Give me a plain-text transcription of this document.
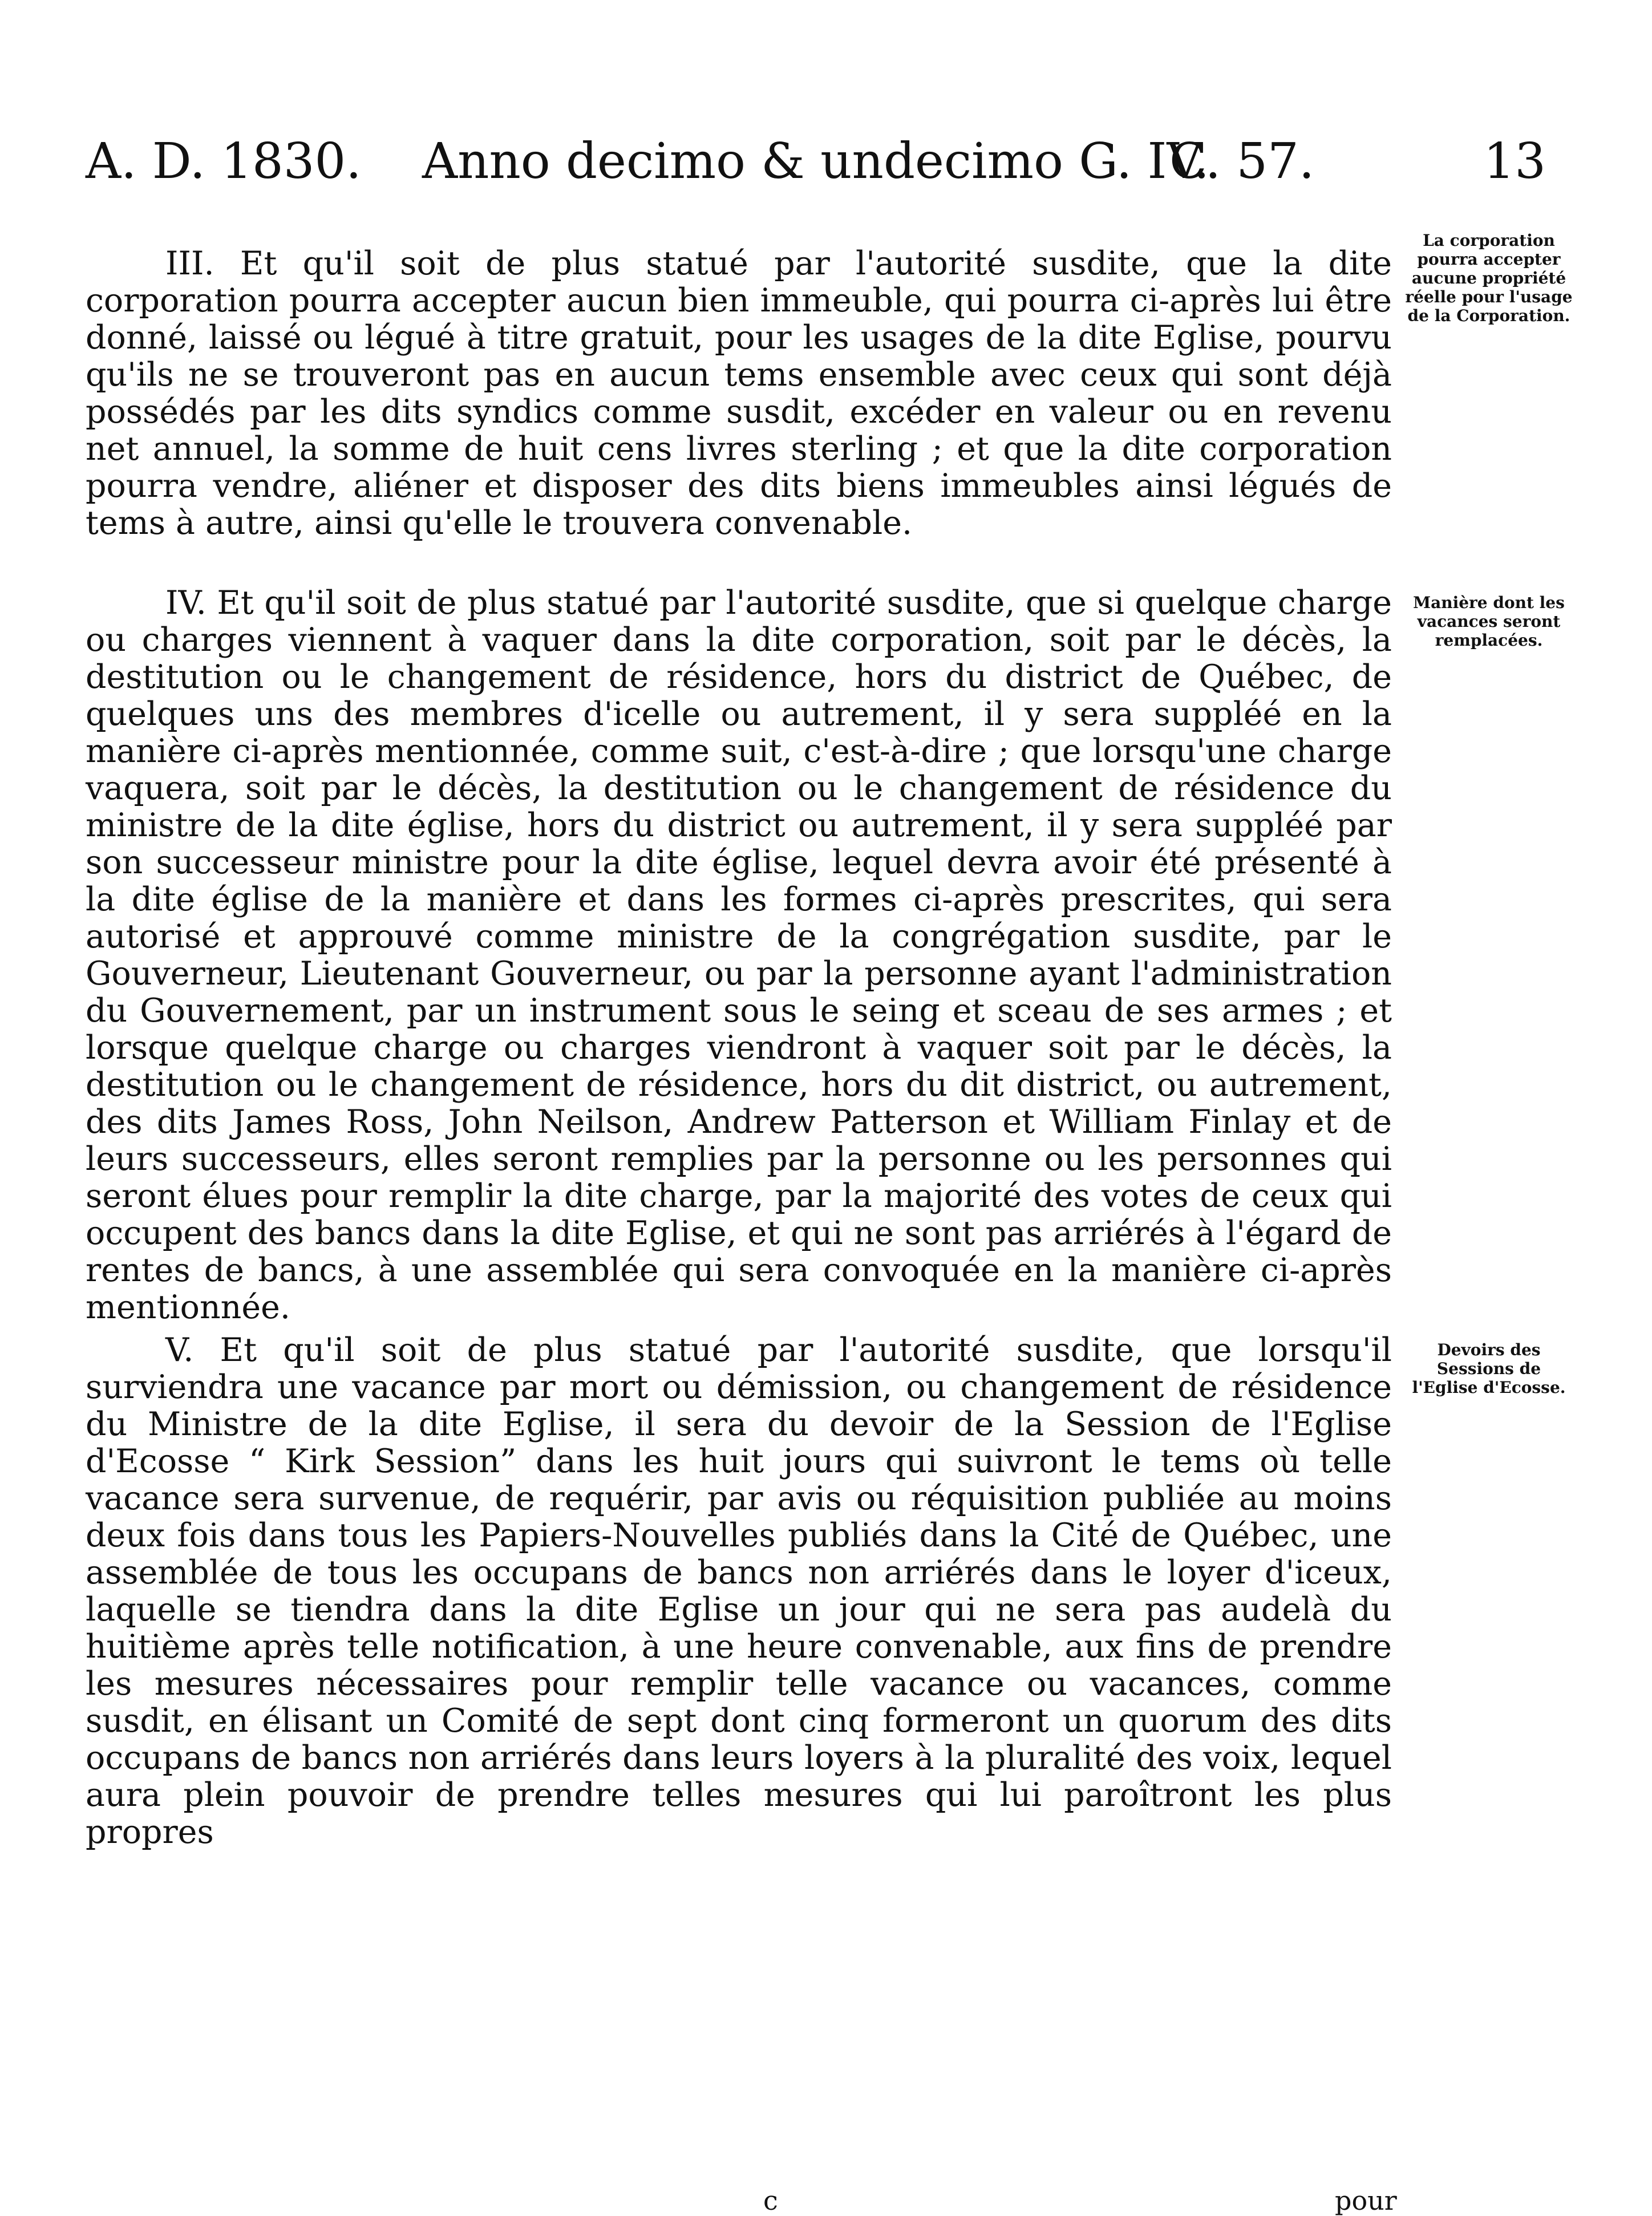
A. D. 1830. Anno decimo & undecimo G. IV.
C. 57.	13
III. Et qu'il soit de plus statué par l'autorité susdite, que la dite corporation pourra accepter aucun bien immeuble, qui pourra ci-après lui être donné, laissé ou légué à titre gratuit, pour les usages de la dite Eglise, pourvu qu'ils ne se trouveront pas en aucun tems ensemble avec ceux qui sont déjà possédés par les dits syndics comme susdit, excéder en valeur ou en revenu net annuel, la somme de huit cens livres sterling ; et que la dite corporation pourra vendre, aliéner et disposer des dits biens immeubles ainsi légués de tems à autre, ainsi qu'elle le trouvera convenable.
La corporation pourra accepter aucune propriété réelle pour l'usage de la Corporation.
IV. Et qu'il soit de plus statué par l'autorité susdite, que si quelque charge ou charges viennent à vaquer dans la dite corporation, soit par le décès, la destitution ou le changement de résidence, hors du district de Québec, de quelques uns des membres d'icelle ou autrement, il y sera suppléé en la manière ci-après mentionnée, comme suit, c'est-à-dire ; que lorsqu'une charge vaquera, soit par le décès, la destitution ou le changement de résidence du ministre de la dite église, hors du district ou autrement, il y sera suppléé par son successeur ministre pour la dite église, lequel devra avoir été présenté à la dite église de la manière et dans les formes ci-après prescrites, qui sera autorisé et approuvé comme ministre de la congrégation susdite, par le Gouverneur, Lieutenant Gouverneur, ou par la personne ayant l'administration du Gouvernement, par un instrument sous le seing et sceau de ses armes ; et lorsque quelque charge ou charges viendront à vaquer soit par le décès, la destitution ou le changement de résidence, hors du dit district, ou autrement, des dits James Ross, John Neilson, Andrew Patterson et William Finlay et de leurs successeurs, elles seront remplies par la personne ou les personnes qui seront élues pour remplir la dite charge, par la majorité des votes de ceux qui occupent des bancs dans la dite Eglise, et qui ne sont pas arriérés à l'égard de rentes de bancs, à une assemblée qui sera convoquée en la manière ci-après mentionnée.
Manière dont les vacances seront remplacées.
V. Et qu'il soit de plus statué par l'autorité susdite, que lorsqu'il surviendra une vacance par mort ou démission, ou changement de résidence du Ministre de la dite Eglise, il sera du devoir de la Session de l'Eglise d'Ecosse “ Kirk Session” dans les huit jours qui suivront le tems où telle vacance sera survenue, de requérir, par avis ou réquisition publiée au moins deux fois dans tous les Papiers-Nouvelles publiés dans la Cité de Québec, une assemblée de tous les occupans de bancs non arriérés dans le loyer d'iceux, laquelle se tiendra dans la dite Eglise un jour qui ne sera pas audelà du huitième après telle notification, à une heure convenable, aux fins de prendre les mesures nécessaires pour remplir telle vacance ou vacances, comme susdit, en élisant un Comité de sept dont cinq formeront un quorum des dits occupans de bancs non arriérés dans leurs loyers à la pluralité des voix, lequel aura plein pouvoir de prendre telles mesures qui lui paroîtront les plus propres
Devoirs des Sessions de l'Eglise d'Ecosse.
c	pour
